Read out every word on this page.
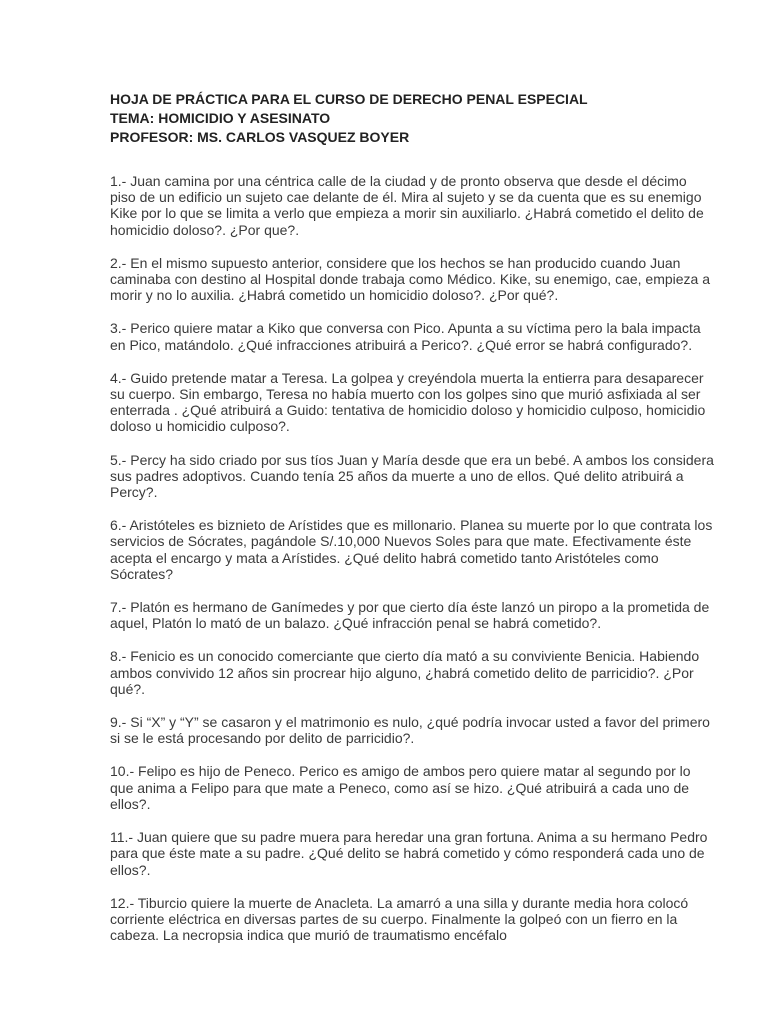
HOJA DE PRÁCTICA PARA EL CURSO DE DERECHO PENAL ESPECIAL
TEMA: HOMICIDIO Y ASESINATO
PROFESOR: MS. CARLOS VASQUEZ BOYER

1.- Juan camina por una céntrica calle de la ciudad y de pronto observa que desde el décimo piso de un edificio un sujeto cae delante de él. Mira al sujeto y se da cuenta que es su enemigo Kike por lo que se limita a verlo que empieza a morir sin auxiliarlo. ¿Habrá cometido el delito de homicidio doloso?. ¿Por que?.

2.- En el mismo supuesto anterior, considere que los hechos se han producido cuando Juan caminaba con destino al Hospital donde trabaja como Médico. Kike, su enemigo, cae, empieza a morir y no lo auxilia. ¿Habrá cometido un homicidio doloso?. ¿Por qué?.

3.- Perico quiere matar a Kiko que conversa con Pico. Apunta a su víctima pero la bala impacta en Pico, matándolo. ¿Qué infracciones atribuirá a Perico?. ¿Qué error se habrá configurado?.

4.- Guido pretende matar a Teresa. La golpea y creyéndola muerta la entierra para desaparecer su cuerpo. Sin embargo, Teresa no había muerto con los golpes sino que murió asfixiada al ser enterrada . ¿Qué atribuirá a Guido: tentativa de homicidio doloso y homicidio culposo, homicidio doloso u homicidio culposo?.

5.- Percy ha sido criado por sus tíos Juan y María desde que era un bebé. A ambos los considera sus padres adoptivos. Cuando tenía 25 años da muerte a uno de ellos. Qué delito atribuirá a Percy?.

6.- Aristóteles es biznieto de Arístides que es millonario. Planea su muerte por lo que contrata los servicios de Sócrates, pagándole S/.10,000 Nuevos Soles para que mate. Efectivamente éste acepta el encargo y mata a Arístides. ¿Qué delito habrá cometido tanto Aristóteles como Sócrates?

7.- Platón es hermano de Ganímedes y por que cierto día éste lanzó un piropo a la prometida de aquel, Platón lo mató de un balazo. ¿Qué infracción penal se habrá cometido?.

8.- Fenicio es un conocido comerciante que cierto día mató a su conviviente Benicia. Habiendo ambos convivido 12 años sin procrear hijo alguno, ¿habrá cometido delito de parricidio?. ¿Por qué?.

9.- Si “X” y “Y” se casaron y el matrimonio es nulo, ¿qué podría invocar usted a favor del primero si se le está procesando por delito de parricidio?.

10.- Felipo es hijo de Peneco. Perico es amigo de ambos pero quiere matar al segundo por lo que anima a Felipo para que mate a Peneco, como así se hizo. ¿Qué atribuirá a cada uno de ellos?.

11.- Juan quiere que su padre muera para heredar una gran fortuna. Anima a su hermano Pedro para que éste mate a su padre. ¿Qué delito se habrá cometido y cómo responderá cada uno de ellos?.

12.- Tiburcio quiere la muerte de Anacleta. La amarró a una silla y durante media hora colocó corriente eléctrica en diversas partes de su cuerpo. Finalmente la golpeó con un fierro en la cabeza. La necropsia indica que murió de traumatismo encéfalo
